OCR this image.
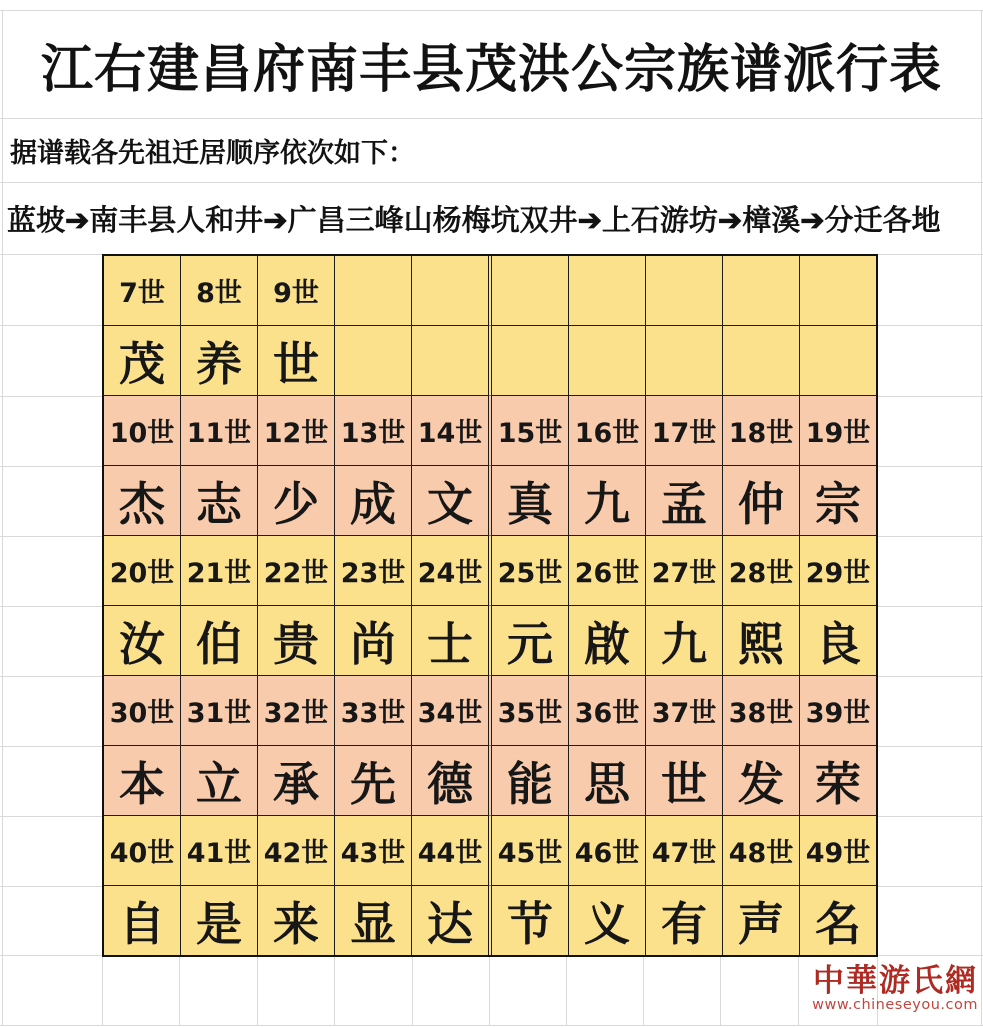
江右建昌府南丰县茂洪公宗族谱派行表
据谱载各先祖迁居顺序依次如下：
蓝坡➔南丰县人和井➔广昌三峰山杨梅坑双井➔上石游坊➔樟溪➔分迁各地
7世	8世	9世							
茂	养	世							
10世	11世	12世	13世	14世	15世	16世	17世	18世	19世
杰	志	少	成	文	真	九	孟	仲	宗
20世	21世	22世	23世	24世	25世	26世	27世	28世	29世
汝	伯	贵	尚	士	元	啟	九	熙	良
30世	31世	32世	33世	34世	35世	36世	37世	38世	39世
本	立	承	先	德	能	思	世	发	荣
40世	41世	42世	43世	44世	45世	46世	47世	48世	49世
自	是	来	显	达	节	义	有	声	名
中華游氏網
www.chineseyou.com
